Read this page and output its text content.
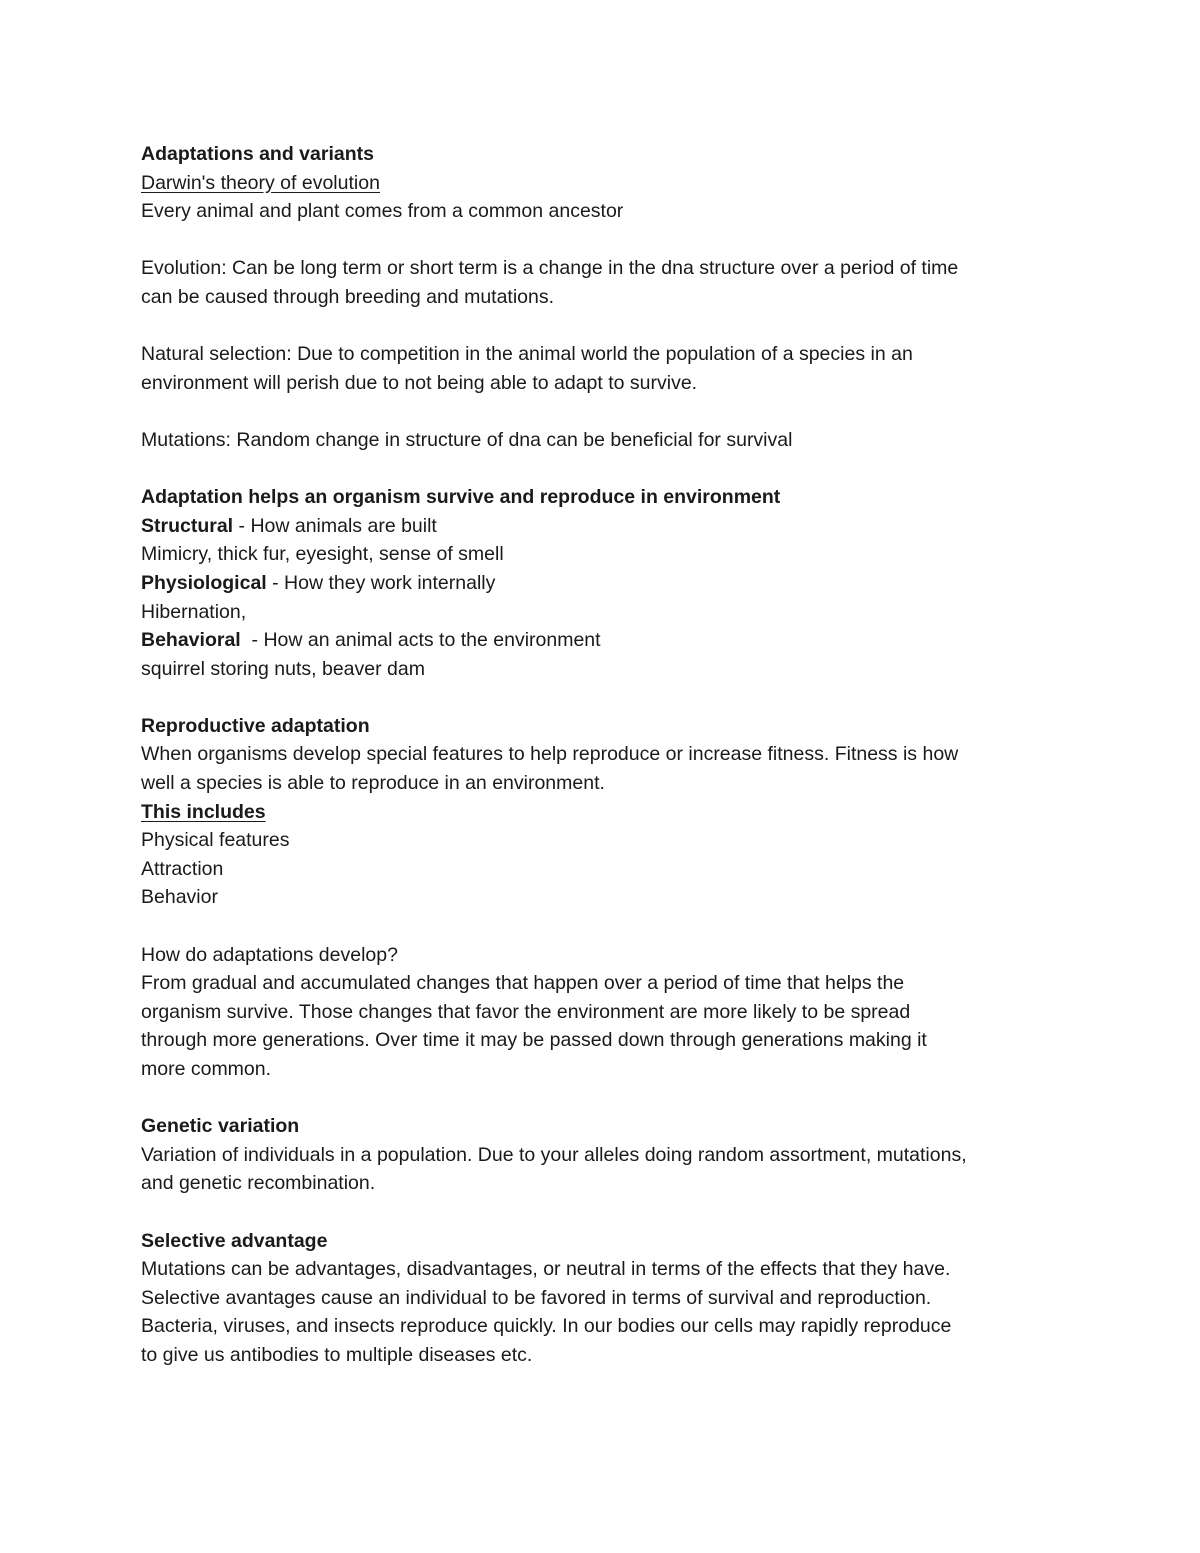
Adaptations and variants
Darwin's theory of evolution
Every animal and plant comes from a common ancestor
Evolution: Can be long term or short term is a change in the dna structure over a period of time
can be caused through breeding and mutations.
Natural selection: Due to competition in the animal world the population of a species in an
environment will perish due to not being able to adapt to survive.
Mutations: Random change in structure of dna can be beneficial for survival
Adaptation helps an organism survive and reproduce in environment
Structural - How animals are built
Mimicry, thick fur, eyesight, sense of smell
Physiological - How they work internally
Hibernation,
Behavioral  - How an animal acts to the environment
squirrel storing nuts, beaver dam
Reproductive adaptation
When organisms develop special features to help reproduce or increase fitness. Fitness is how
well a species is able to reproduce in an environment.
This includes
Physical features
Attraction
Behavior
How do adaptations develop?
From gradual and accumulated changes that happen over a period of time that helps the
organism survive. Those changes that favor the environment are more likely to be spread
through more generations. Over time it may be passed down through generations making it
more common.
Genetic variation
Variation of individuals in a population. Due to your alleles doing random assortment, mutations,
and genetic recombination.
Selective advantage
Mutations can be advantages, disadvantages, or neutral in terms of the effects that they have.
Selective avantages cause an individual to be favored in terms of survival and reproduction.
Bacteria, viruses, and insects reproduce quickly. In our bodies our cells may rapidly reproduce
to give us antibodies to multiple diseases etc.
